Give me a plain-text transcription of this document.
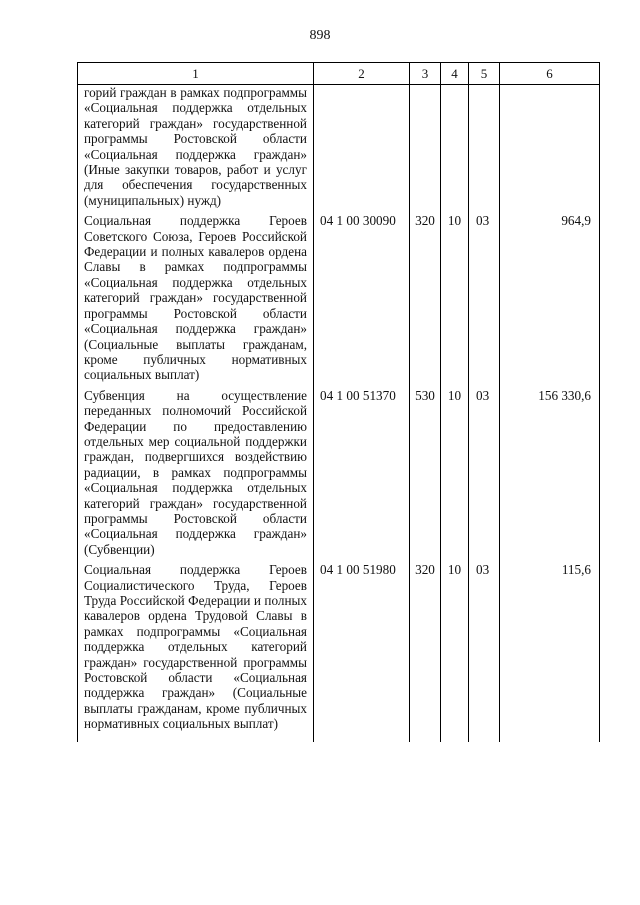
898
1	2	3	4	5	6
горий граждан в рамках подпрограммы «Социальная поддержка отдельных категорий граждан» государственной программы Ростовской области «Социальная поддержка граждан» (Иные закупки товаров, работ и услуг для обеспечения государственных (муниципальных) нужд)					
Социальная поддержка Героев Советского Союза, Героев Российской Федерации и полных кавалеров ордена Славы в рамках подпрограммы «Социальная поддержка отдельных категорий граждан» государственной программы Ростовской области «Социальная поддержка граждан» (Социальные выплаты гражданам, кроме публичных нормативных социальных выплат)	04 1 00 30090	320	10	03	964,9
Субвенция на осуществление переданных полномочий Российской Федерации по предоставлению отдельных мер социальной поддержки граждан, подвергшихся воздействию радиации, в рамках подпрограммы «Социальная поддержка отдельных категорий граждан» государственной программы Ростовской области «Социальная поддержка граждан» (Субвенции)	04 1 00 51370	530	10	03	156 330,6
Социальная поддержка Героев Социалистического Труда, Героев Труда Российской Федерации и полных кавалеров ордена Трудовой Славы в рамках подпрограммы «Социальная поддержка отдельных категорий граждан» государственной программы Ростовской области «Социальная поддержка граждан» (Социальные выплаты гражданам, кроме публичных нормативных социальных выплат)	04 1 00 51980	320	10	03	115,6
